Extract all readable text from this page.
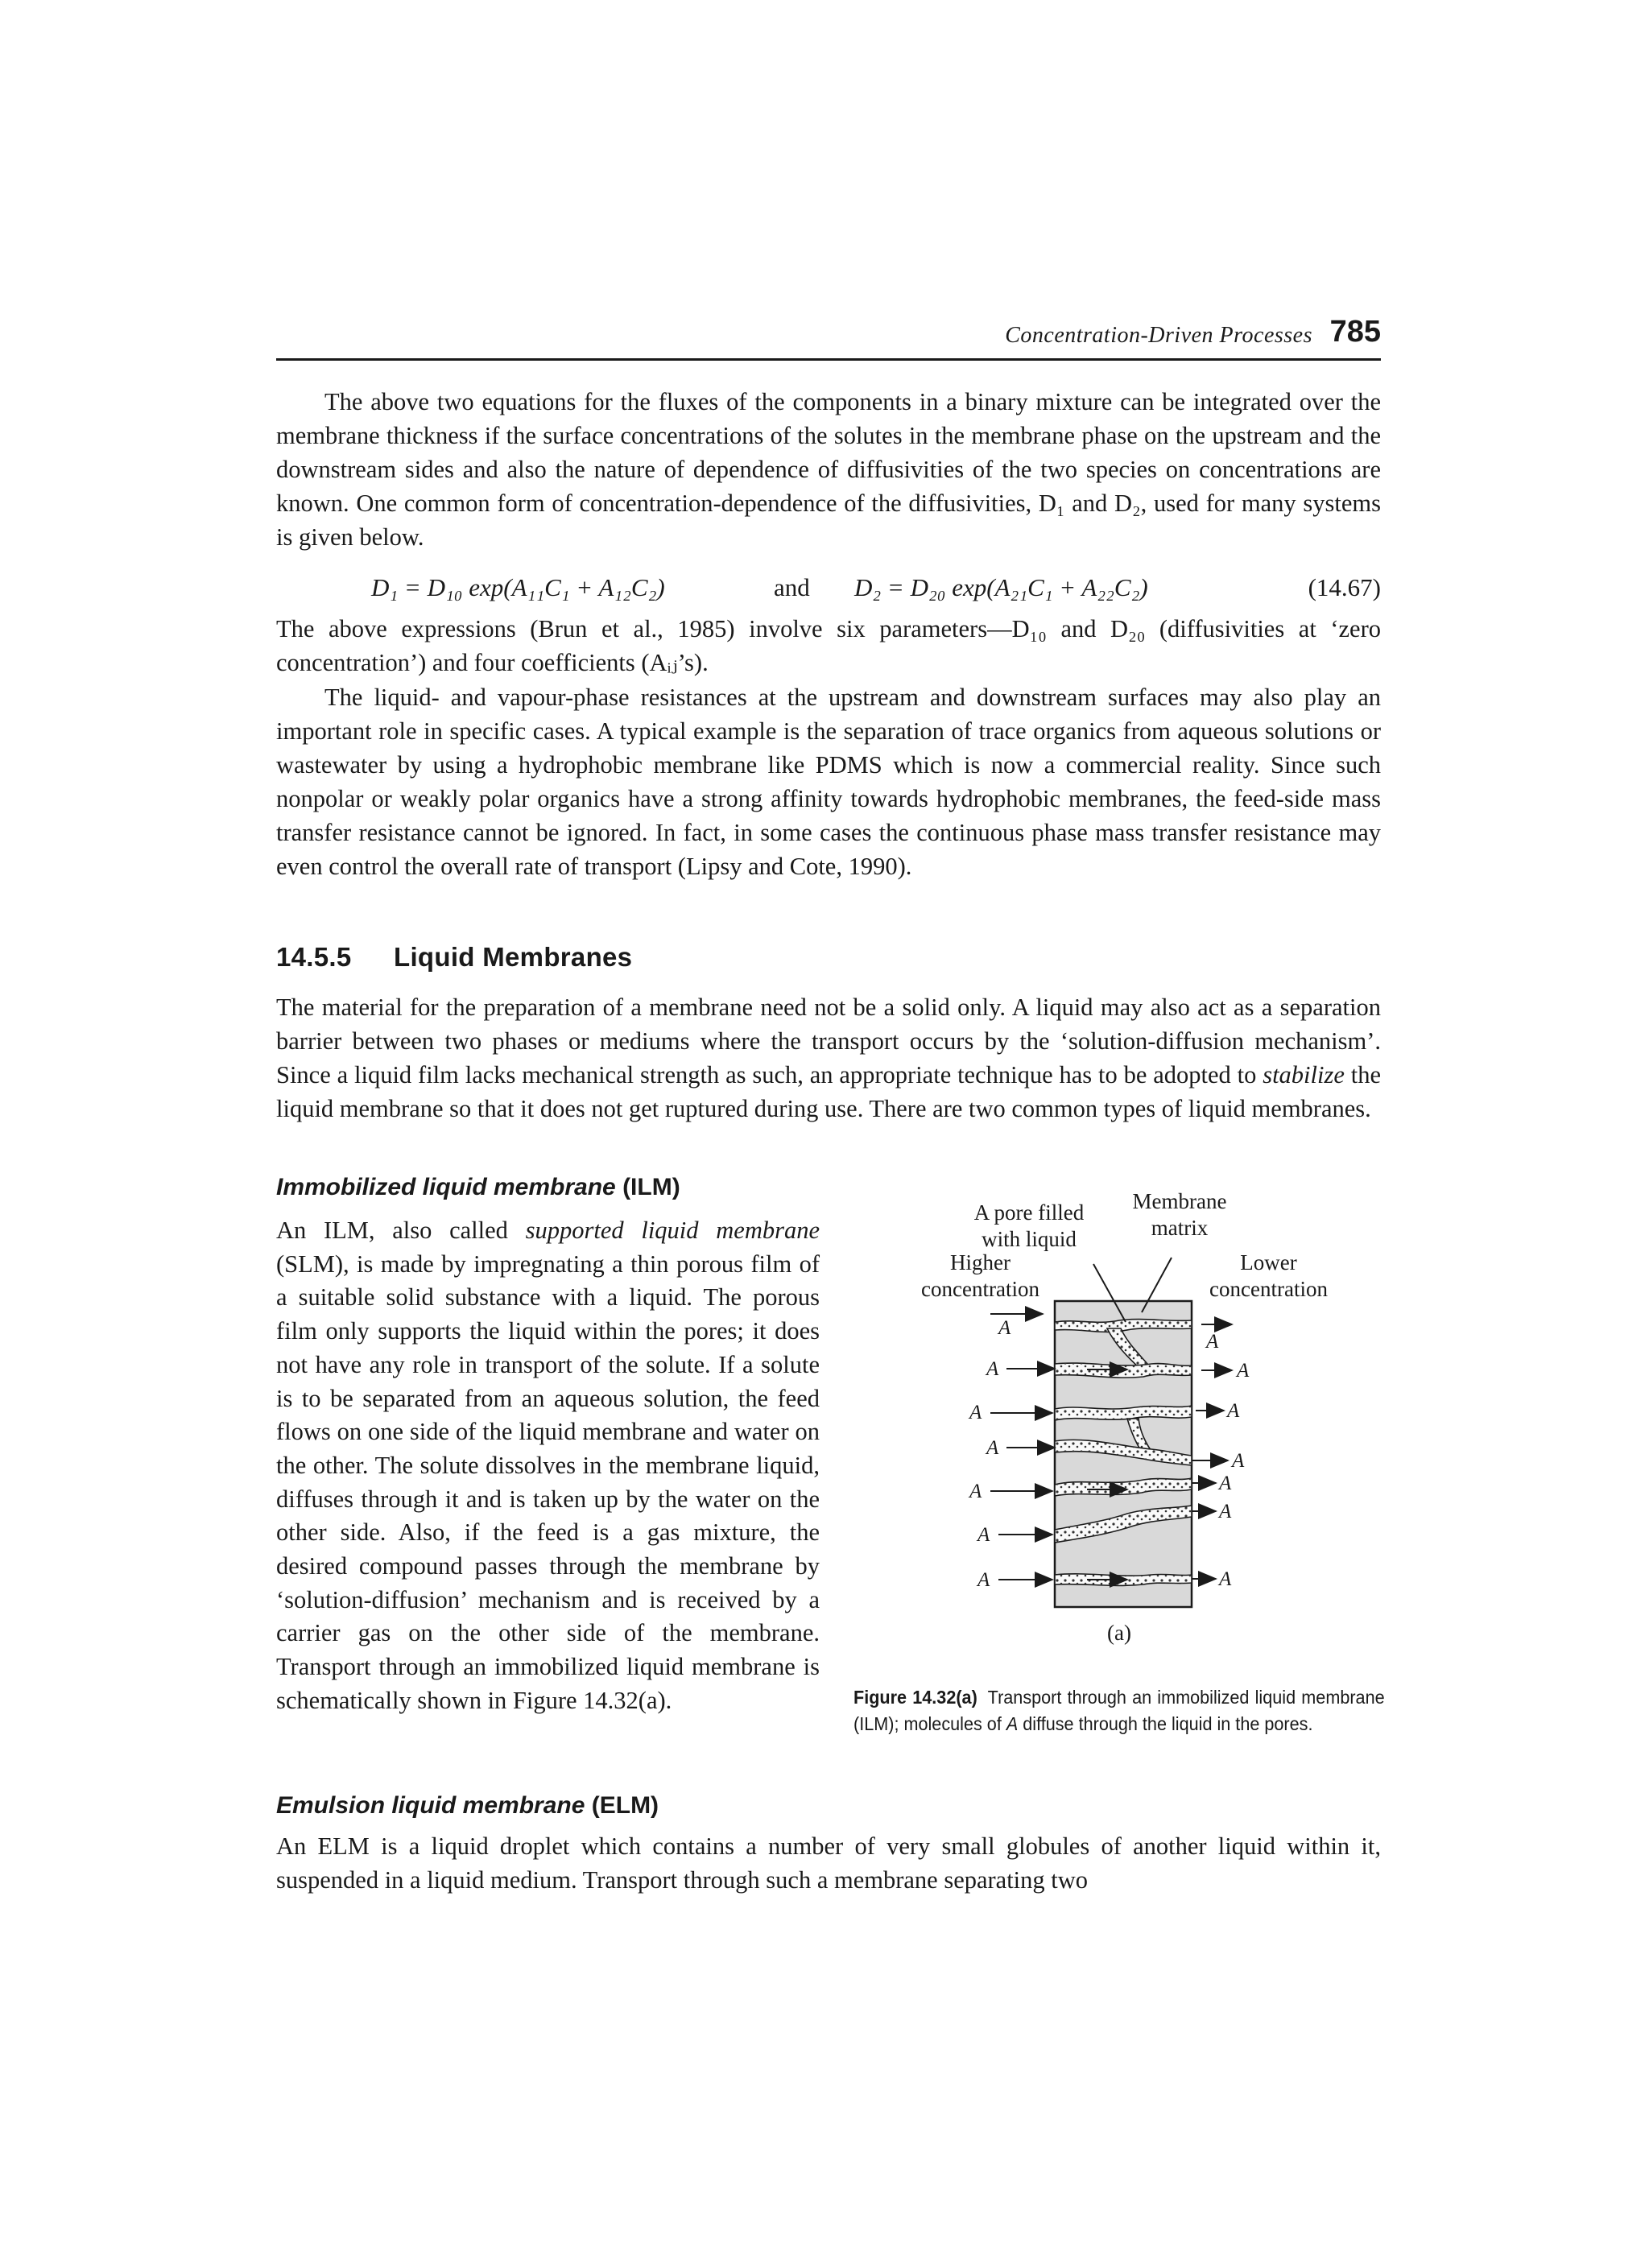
Concentration-Driven Processes 785

The above two equations for the fluxes of the components in a binary mixture can be integrated over the membrane thickness if the surface concentrations of the solutes in the membrane phase on the upstream and the downstream sides and also the nature of dependence of diffusivities of the two species on concentrations are known. One common form of concentration-dependence of the diffusivities, D₁ and D₂, used for many systems is given below.

D₁ = D₁₀ exp(A₁₁C₁ + A₁₂C₂)	and D₂ = D₂₀ exp(A₂₁C₁ + A₂₂C₂)	(14.67)

The above expressions (Brun et al., 1985) involve six parameters—D₁₀ and D₂₀ (diffusivities at ‘zero concentration’) and four coefficients (Aᵢⱼ’s).

The liquid- and vapour-phase resistances at the upstream and downstream surfaces may also play an important role in specific cases. A typical example is the separation of trace organics from aqueous solutions or wastewater by using a hydrophobic membrane like PDMS which is now a commercial reality. Since such nonpolar or weakly polar organics have a strong affinity towards hydrophobic membranes, the feed-side mass transfer resistance cannot be ignored. In fact, in some cases the continuous phase mass transfer resistance may even control the overall rate of transport (Lipsy and Cote, 1990).

14.5.5 Liquid Membranes

The material for the preparation of a membrane need not be a solid only. A liquid may also act as a separation barrier between two phases or mediums where the transport occurs by the ‘solution-diffusion mechanism’. Since a liquid film lacks mechanical strength as such, an appropriate technique has to be adopted to stabilize the liquid membrane so that it does not get ruptured during use. There are two common types of liquid membranes.

Immobilized liquid membrane (ILM)

An ILM, also called supported liquid membrane (SLM), is made by impregnating a thin porous film of a suitable solid substance with a liquid. The porous film only supports the liquid within the pores; it does not have any role in transport of the solute. If a solute is to be separated from an aqueous solution, the feed flows on one side of the liquid membrane and water on the other. The solute dissolves in the membrane liquid, diffuses through it and is taken up by the water on the other side. Also, if the feed is a gas mixture, the desired compound passes through the membrane by ‘solution-diffusion’ mechanism and is received by a carrier gas on the other side of the membrane. Transport through an immobilized liquid membrane is schematically shown in Figure 14.32(a).

A pore filled
with liquid
Membrane
matrix
Higher
concentration
Lower
concentration
A
A
A
A
A
A
A
A
A
A
A
A
A
A
(a)
Figure 14.32(a) Transport through an immobilized liquid membrane (ILM); molecules of A diffuse through the liquid in the pores.
Emulsion liquid membrane (ELM)

An ELM is a liquid droplet which contains a number of very small globules of another liquid within it, suspended in a liquid medium. Transport through such a membrane separating two
